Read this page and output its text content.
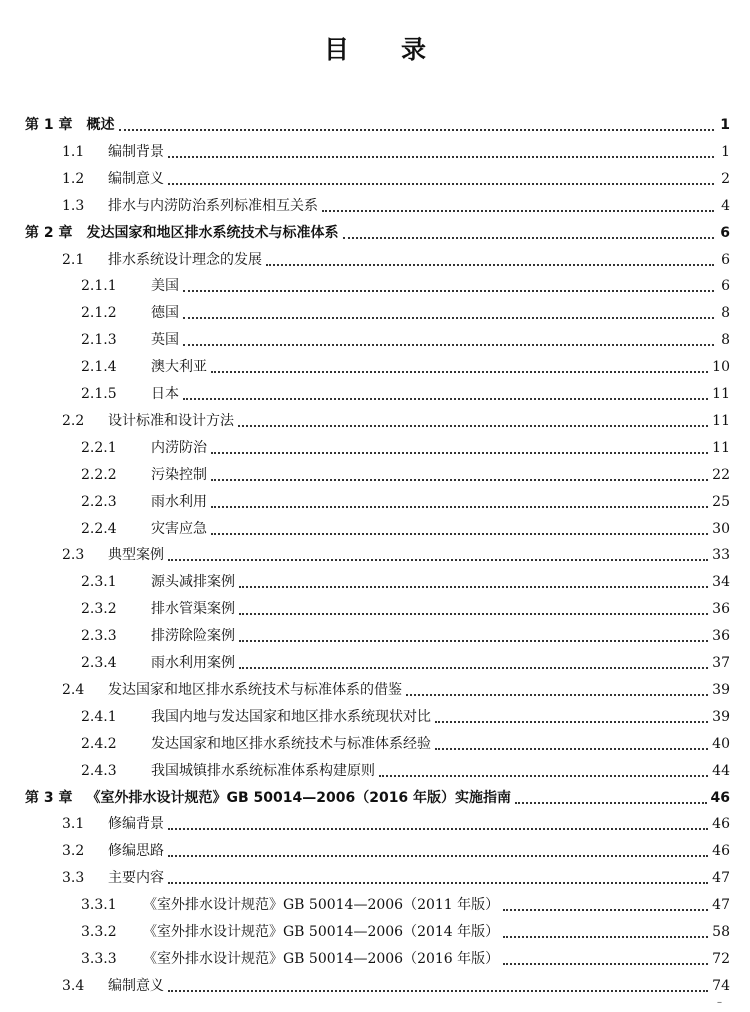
目 录
第 1 章	概述	1
1.1	编制背景	1
1.2	编制意义	2
1.3	排水与内涝防治系列标准相互关系	4
第 2 章	发达国家和地区排水系统技术与标准体系	6
2.1	排水系统设计理念的发展	6
2.1.1	美国	6
2.1.2	德国	8
2.1.3	英国	8
2.1.4	澳大利亚	10
2.1.5	日本	11
2.2	设计标准和设计方法	11
2.2.1	内涝防治	11
2.2.2	污染控制	22
2.2.3	雨水利用	25
2.2.4	灾害应急	30
2.3	典型案例	33
2.3.1	源头减排案例	34
2.3.2	排水管渠案例	36
2.3.3	排涝除险案例	36
2.3.4	雨水利用案例	37
2.4	发达国家和地区排水系统技术与标准体系的借鉴	39
2.4.1	我国内地与发达国家和地区排水系统现状对比	39
2.4.2	发达国家和地区排水系统技术与标准体系经验	40
2.4.3	我国城镇排水系统标准体系构建原则	44
第 3 章	《室外排水设计规范》GB 50014—2006（2016 年版）实施指南	46
3.1	修编背景	46
3.2	修编思路	46
3.3	主要内容	47
3.3.1	《室外排水设计规范》GB 50014—2006（2011 年版）	47
3.3.2	《室外排水设计规范》GB 50014—2006（2014 年版）	58
3.3.3	《室外排水设计规范》GB 50014—2006（2016 年版）	72
3.4	编制意义	74
–
